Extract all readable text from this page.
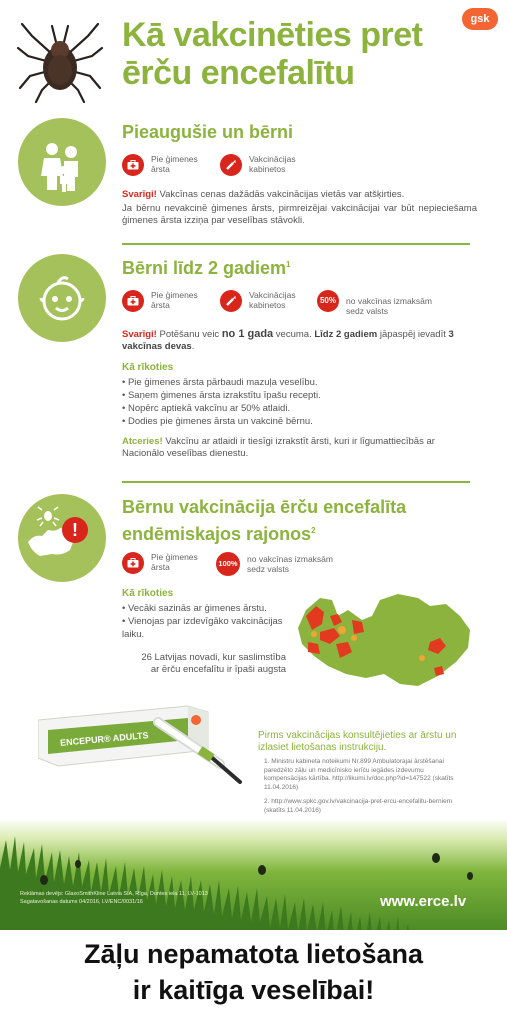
Kā vakcinēties pret ērču encefalītu
gsk
Pieaugušie un bērni
Pie ģimenes ārsta
Vakcinācijas kabinetos
Svarīgi! Vakcīnas cenas dažādās vakcinācijas vietās var atšķirties.
Ja bērnu nevakcinē ģimenes ārsts, pirmreizējai vakcinācijai var būt nepieciešama ģimenes ārsta izziņa par veselības stāvokli.
Bērni līdz 2 gadiem$^1$
Pie ģimenes ārsta
Vakcinācijas kabinetos	50%	no vakcīnas izmaksām sedz valsts
Svarīgi! Potēšanu veic no 1 gada vecuma. Līdz 2 gadiem jāpaspēj ievadīt 3 vakcīnas devas.
Kā rīkoties
• Pie ģimenes ārsta pārbaudi mazuļa veselību.
• Saņem ģimenes ārsta izrakstītu īpašu recepti.
• Nopērc aptiekā vakcīnu ar 50% atlaidi.
• Dodies pie ģimenes ārsta un vakcinē bērnu.
Atceries! Vakcīnu ar atlaidi ir tiesīgi izrakstīt ārsti, kuri ir līgumattiecībās ar Nacionālo veselības dienestu.
!
Bērnu vakcinācija ērču encefalīta endēmiskajos rajonos$^2$
Pie ģimenes ārsta	100% no vakcīnas izmaksām sedz valsts
Kā rīkoties
• Vecāki sazinās ar ģimenes ārstu.
• Vienojas par izdevīgāko vakcinācijas laiku.
26 Latvijas novadi, kur saslimstība ar ērču encefalītu ir īpaši augsta
ENCEPUR® ADULTS	Pirms vakcinācijas konsultējieties ar ārstu un izlasiet lietošanas instrukciju.
1. Ministru kabineta noteikumi Nr.899 Ambulatorajai ārstēšanai paredzēto zāļu un medicīnisko ierīču iegādes izdevumu kompensācijas kārtība. http://likumi.lv/doc.php?id=147522 (skatīts 11.04.2016)
2. http://www.spkc.gov.lv/vakcinacija-pret-ercu-encefalitu-berniem (skatīts 11.04.2016)
Reklāmas devējs: GlaxoSmithKline Latvia SIA, Rīga, Duntes iela 11, LV-1013
Sagatavošanas datums 04/2016, LV/ENC/0031/16	www.erce.lv
Zāļu nepamatota lietošana
ir kaitīga veselībai!
